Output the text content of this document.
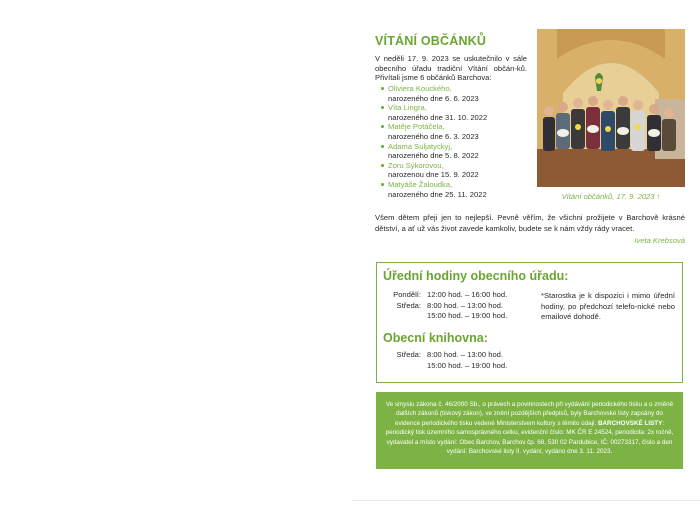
VÍTÁNÍ OBČÁNKŮ
V neděli 17. 9. 2023 se uskutečnilo v sále obecního úřadu tradiční Vítání občán-ků. Přivítali jsme 6 občánků Barchova:
Oliviera Kouckého,
narozeného dne 6. 6. 2023
Víta Lingra,
narozeného dne 31. 10. 2022
Matěje Potáčela,
narozeného dne 6. 3. 2023
Adama Suljatyckyj,
narozeného dne 5. 8. 2022
Zoru Sýkorovou,
narozenou dne 15. 9. 2022
Matyáše Žaloudka,
narozeného dne 25. 11. 2022	Vítání občánků, 17. 9. 2023 ↑
Všem dětem přeji jen to nejlepší. Pevně věřím, že všichni prožijete v Barchově krásné dětství, a ať už vás život zavede kamkoliv, budete se k nám vždy rády vracet.
Iveta Krebsová
Úřední hodiny obecního úřadu:
Pondělí: 12:00 hod. – 16:00 hod.
Středa: 8:00 hod. – 13:00 hod.
15:00 hod. – 19:00 hod.
*Starostka je k dispozici i mimo úřední hodiny, po předchozí telefo-nické nebo emailové dohodě.
Obecní knihovna:
Středa: 8:00 hod. – 13:00 hod.
15:00 hod. – 19:00 hod.
Ve smyslu zákona č. 46/2000 Sb., o právech a povinnostech při vydávání periodického tisku a o změně dalších zákonů (tiskový zákon), ve znění pozdějších předpisů, byly Barchovské listy zapsány do evidence periodického tisku vedené Ministerstvem kultury s těmito údaji: BARCHOVSKÉ LISTY: periodický tisk územního samosprávného celku, evidenční číslo: MK ČR E 24524, periodicita: 2x ročně, vydavatel a místo vydání: Obec Barchov, Barchov čp. 68, 530 02 Pardubice, IČ: 00273317, číslo a den vydání: Barchovské listy II. vydání, vydáno dne 3. 11. 2023.
